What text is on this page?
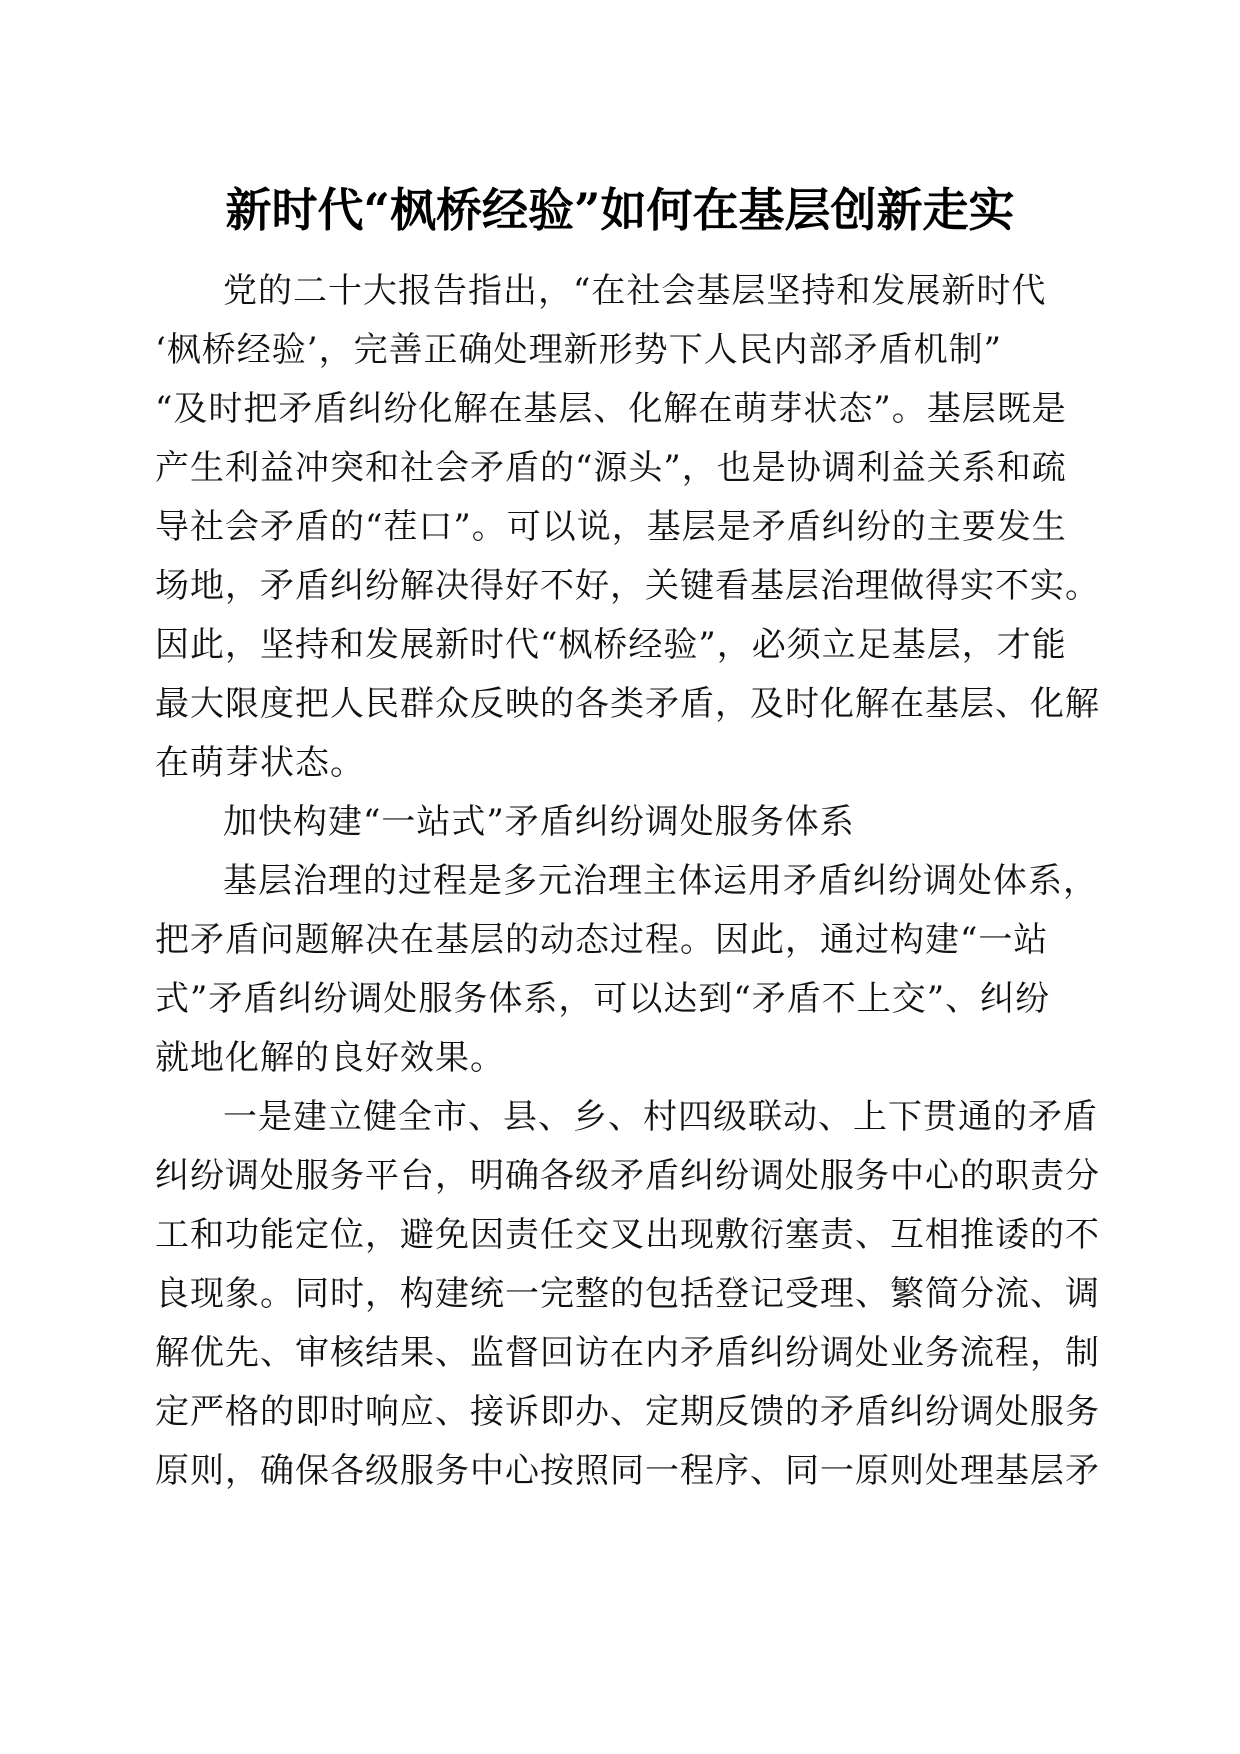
新时代“枫桥经验”如何在基层创新走实

党的二十大报告指出，“在社会基层坚持和发展新时代
‘枫桥经验’，完善正确处理新形势下人民内部矛盾机制”
“及时把矛盾纠纷化解在基层、化解在萌芽状态”。基层既是
产生利益冲突和社会矛盾的“源头”，也是协调利益关系和疏
导社会矛盾的“茬口”。可以说，基层是矛盾纠纷的主要发生
场地，矛盾纠纷解决得好不好，关键看基层治理做得实不实。
因此，坚持和发展新时代“枫桥经验”，必须立足基层，才能
最大限度把人民群众反映的各类矛盾，及时化解在基层、化解
在萌芽状态。

加快构建“一站式”矛盾纠纷调处服务体系

基层治理的过程是多元治理主体运用矛盾纠纷调处体系，
把矛盾问题解决在基层的动态过程。因此，通过构建“一站
式”矛盾纠纷调处服务体系，可以达到“矛盾不上交”、纠纷
就地化解的良好效果。

一是建立健全市、县、乡、村四级联动、上下贯通的矛盾
纠纷调处服务平台，明确各级矛盾纠纷调处服务中心的职责分
工和功能定位，避免因责任交叉出现敷衍塞责、互相推诿的不
良现象。同时，构建统一完整的包括登记受理、繁简分流、调
解优先、审核结果、监督回访在内矛盾纠纷调处业务流程，制
定严格的即时响应、接诉即办、定期反馈的矛盾纠纷调处服务
原则，确保各级服务中心按照同一程序、同一原则处理基层矛
